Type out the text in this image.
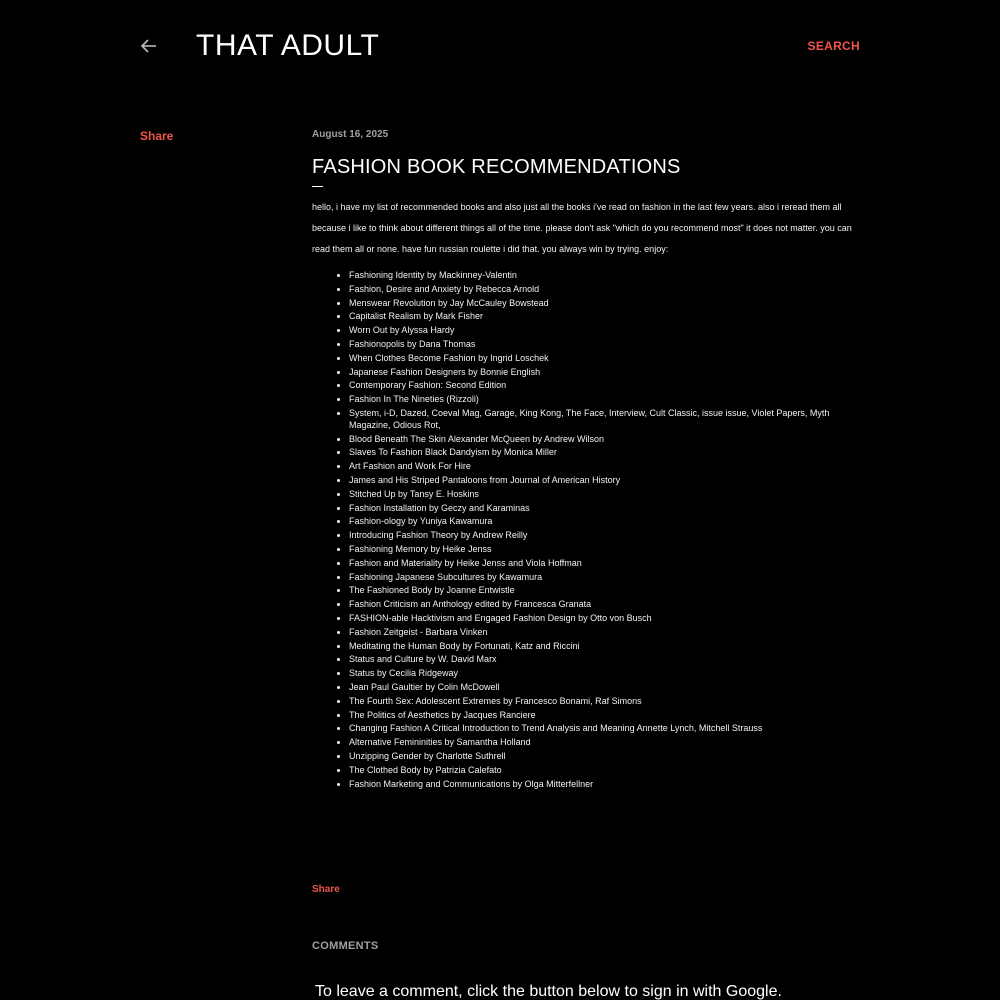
THAT ADULT	SEARCH
Share	August 16, 2025

FASHION BOOK RECOMMENDATIONS

hello, i have my list of recommended books and also just all the books i've read on fashion in the last few years. also i reread them all because i like to think about different things all of the time. please don't ask "which do you recommend most" it does not matter. you can read them all or none. have fun russian roulette i did that. you always win by trying. enjoy:

• Fashioning Identity by Mackinney-Valentin
• Fashion, Desire and Anxiety by Rebecca Arnold
• Menswear Revolution by Jay McCauley Bowstead
• Capitalist Realism by Mark Fisher
• Worn Out by Alyssa Hardy
• Fashionopolis by Dana Thomas
• When Clothes Become Fashion by Ingrid Loschek
• Japanese Fashion Designers by Bonnie English
• Contemporary Fashion: Second Edition
• Fashion In The Nineties (Rizzoli)
• System, i-D, Dazed, Coeval Mag, Garage, King Kong, The Face, Interview, Cult Classic, issue issue, Violet Papers, Myth Magazine, Odious Rot,
• Blood Beneath The Skin Alexander McQueen by Andrew Wilson
• Slaves To Fashion Black Dandyism by Monica Miller
• Art Fashion and Work For Hire
• James and His Striped Pantaloons from Journal of American History
• Stitched Up by Tansy E. Hoskins
• Fashion Installation by Geczy and Karaminas
• Fashion-ology by Yuniya Kawamura
• Introducing Fashion Theory by Andrew Reilly
• Fashioning Memory by Heike Jenss
• Fashion and Materiality by Heike Jenss and Viola Hoffman
• Fashioning Japanese Subcultures by Kawamura
• The Fashioned Body by Joanne Entwistle
• Fashion Criticism an Anthology edited by Francesca Granata
• FASHION-able Hacktivism and Engaged Fashion Design by Otto von Busch
• Fashion Zeitgeist - Barbara Vinken
• Meditating the Human Body by Fortunati, Katz and Riccini
• Status and Culture by W. David Marx
• Status by Cecilia Ridgeway
• Jean Paul Gaultier by Colin McDowell
• The Fourth Sex: Adolescent Extremes by Francesco Bonami, Raf Simons
• The Politics of Aesthetics by Jacques Ranciere
• Changing Fashion A Critical Introduction to Trend Analysis and Meaning Annette Lynch, Mitchell Strauss
• Alternative Femininities by Samantha Holland
• Unzipping Gender by Charlotte Suthrell
• The Clothed Body by Patrizia Calefato
• Fashion Marketing and Communications by Olga Mitterfellner
Share
COMMENTS
To leave a comment, click the button below to sign in with Google.
